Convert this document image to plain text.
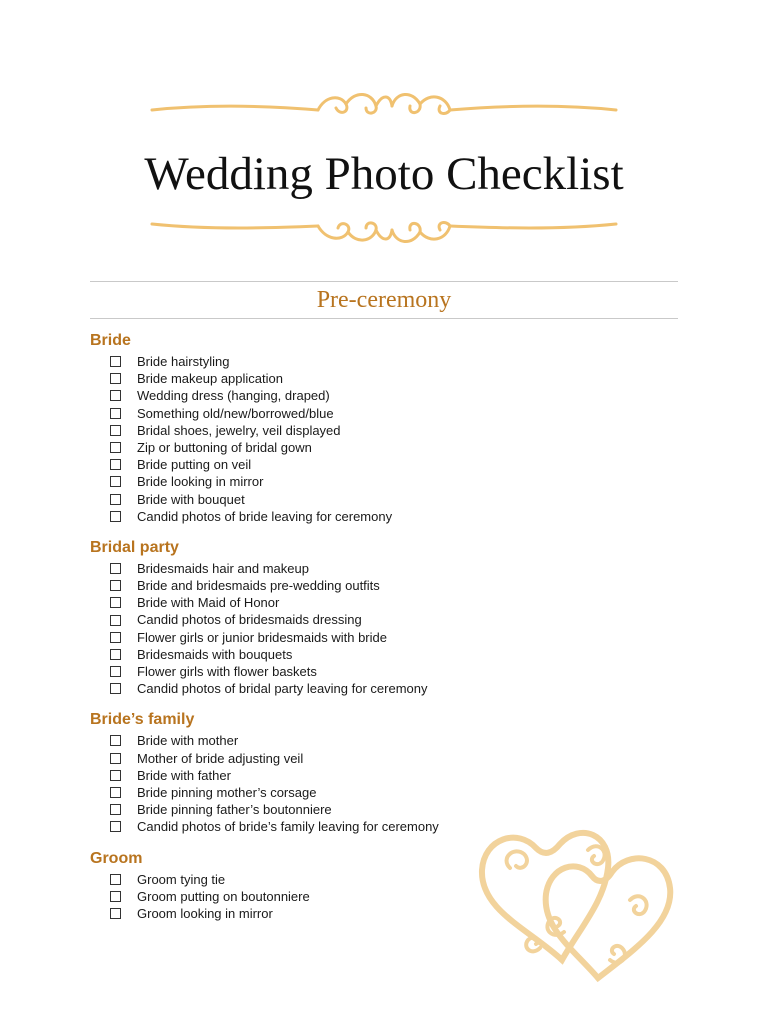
Wedding Photo Checklist
Pre-ceremony
Bride
Bride hairstyling
Bride makeup application
Wedding dress (hanging, draped)
Something old/new/borrowed/blue
Bridal shoes, jewelry, veil displayed
Zip or buttoning of bridal gown
Bride putting on veil
Bride looking in mirror
Bride with bouquet
Candid photos of bride leaving for ceremony
Bridal party
Bridesmaids hair and makeup
Bride and bridesmaids pre-wedding outfits
Bride with Maid of Honor
Candid photos of bridesmaids dressing
Flower girls or junior bridesmaids with bride
Bridesmaids with bouquets
Flower girls with flower baskets
Candid photos of bridal party leaving for ceremony
Bride’s family
Bride with mother
Mother of bride adjusting veil
Bride with father
Bride pinning mother’s corsage
Bride pinning father’s boutonniere
Candid photos of bride’s family leaving for ceremony
Groom
Groom tying tie
Groom putting on boutonniere
Groom looking in mirror
